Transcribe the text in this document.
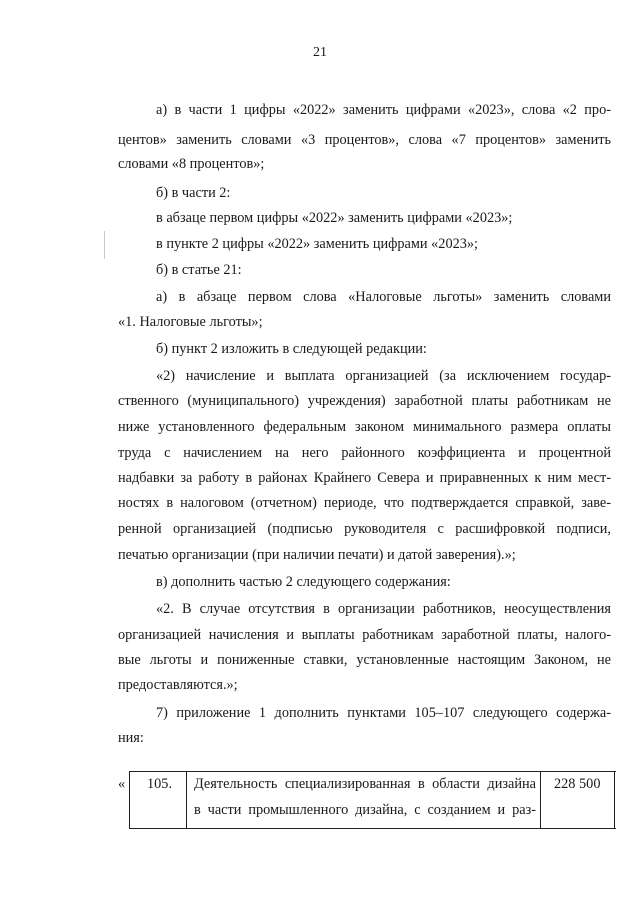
21
а) в части 1 цифры «2022» заменить цифрами «2023», слова «2 про-
центов» заменить словами «3 процентов», слова «7 процентов» заменить
словами «8 процентов»;
б) в части 2:
в абзаце первом цифры «2022» заменить цифрами «2023»;
в пункте 2 цифры «2022» заменить цифрами «2023»;
б) в статье 21:
а) в абзаце первом слова «Налоговые льготы» заменить словами
«1. Налоговые льготы»;
б) пункт 2 изложить в следующей редакции:
«2) начисление и выплата организацией (за исключением государ-
ственного (муниципального) учреждения) заработной платы работникам не
ниже установленного федеральным законом минимального размера оплаты
труда с начислением на него районного коэффициента и процентной
надбавки за работу в районах Крайнего Севера и приравненных к ним мест-
ностях в налоговом (отчетном) периоде, что подтверждается справкой, заве-
ренной организацией (подписью руководителя с расшифровкой подписи,
печатью организации (при наличии печати) и датой заверения).»;
в) дополнить частью 2 следующего содержания:
«2. В случае отсутствия в организации работников, неосуществления
организацией начисления и выплаты работникам заработной платы, налого-
вые льготы и пониженные ставки, установленные настоящим Законом, не
предоставляются.»;
7) приложение 1 дополнить пунктами 105–107 следующего содержа-
ния:
« 105. Деятельность специализированная в области дизайна
в части промышленного дизайна, с созданием и раз-
228 500
